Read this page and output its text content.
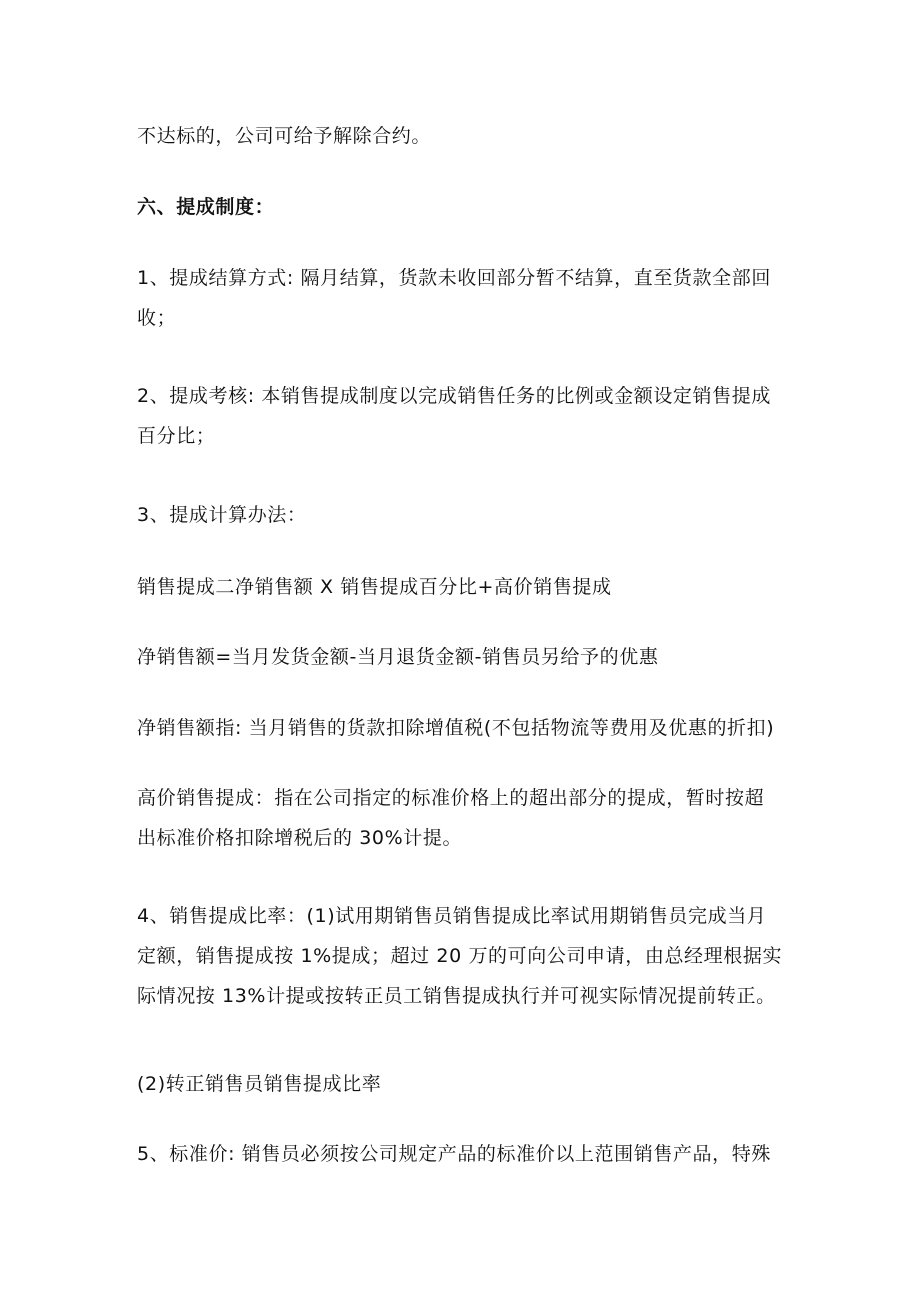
不达标的，公司可给予解除合约。

六、提成制度：

1、提成结算方式: 隔月结算，货款未收回部分暂不结算，直至货款全部回
收；

2、提成考核: 本销售提成制度以完成销售任务的比例或金额设定销售提成
百分比；

3、提成计算办法：

销售提成二净销售额 X 销售提成百分比+高价销售提成

净销售额=当月发货金额-当月退货金额-销售员另给予的优惠

净销售额指: 当月销售的货款扣除增值税(不包括物流等费用及优惠的折扣)

高价销售提成：指在公司指定的标准价格上的超出部分的提成，暂时按超
出标准价格扣除增税后的 30%计提。

4、销售提成比率：(1)试用期销售员销售提成比率试用期销售员完成当月
定额，销售提成按 1%提成；超过 20 万的可向公司申请，由总经理根据实
际情况按 13%计提或按转正员工销售提成执行并可视实际情况提前转正。

(2)转正销售员销售提成比率

5、标准价: 销售员必须按公司规定产品的标准价以上范围销售产品，特殊
